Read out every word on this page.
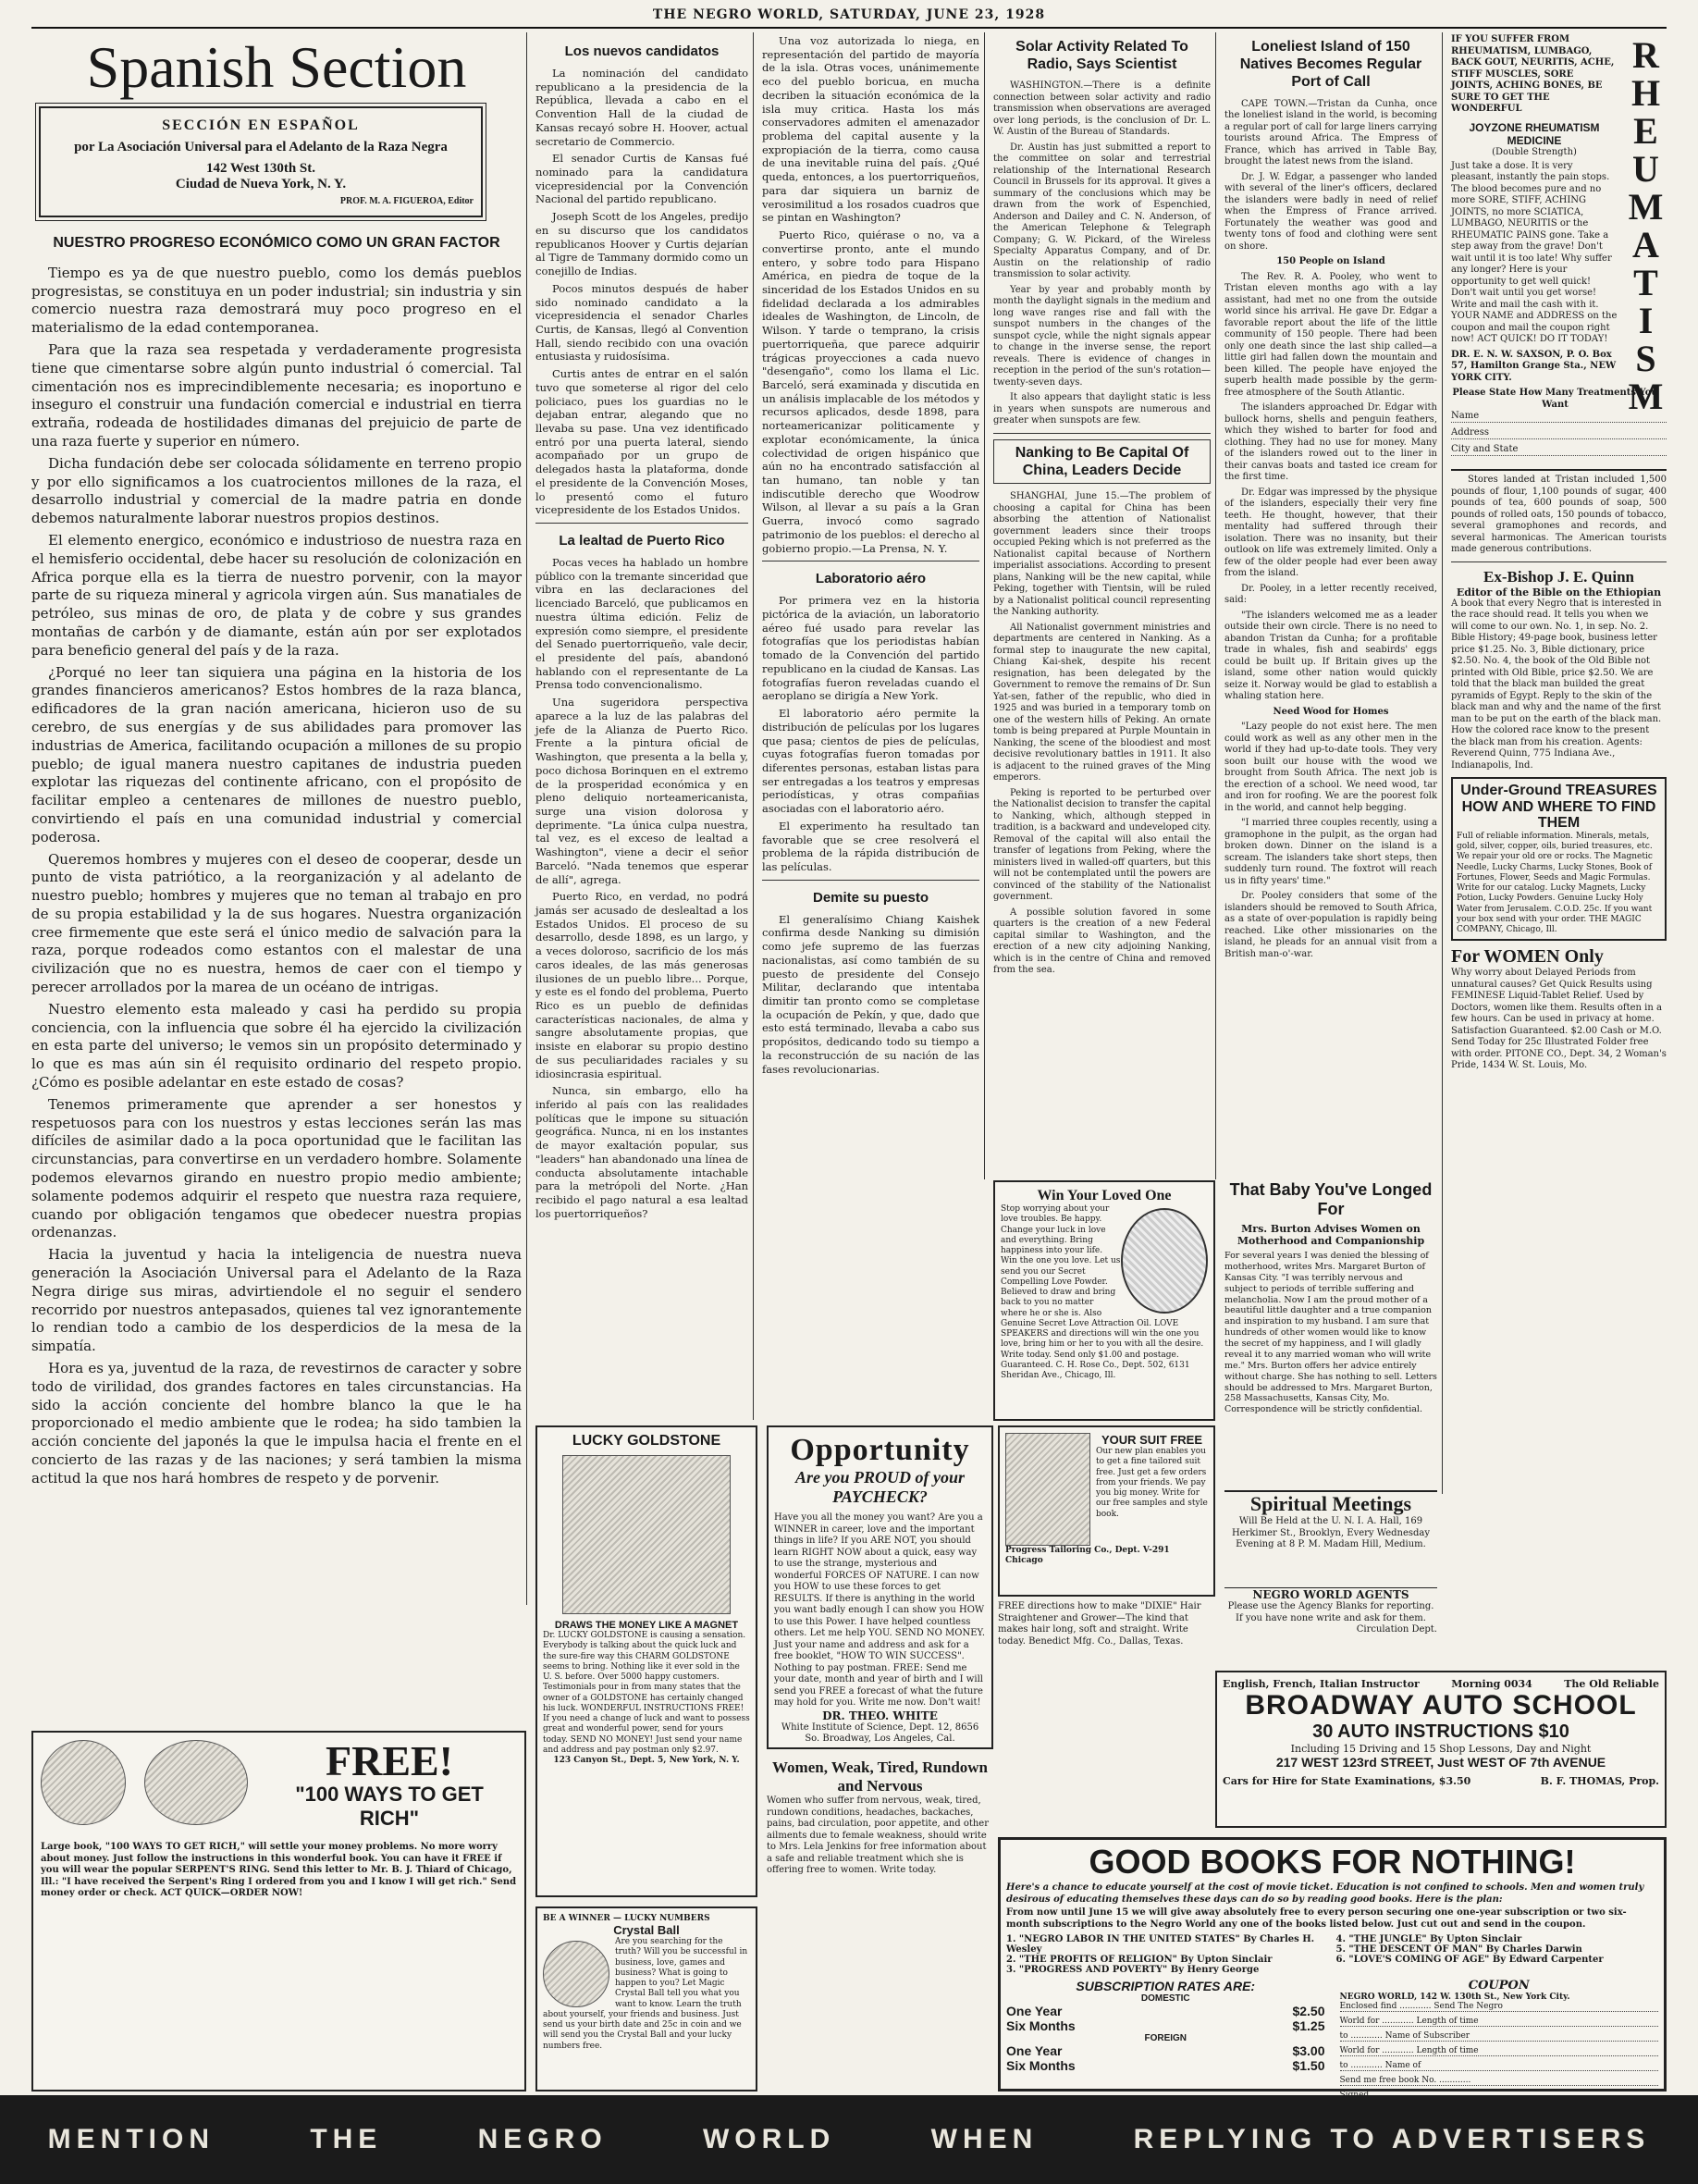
THE NEGRO WORLD, SATURDAY, JUNE 23, 1928
Spanish Section
SECCIÓN EN ESPAÑOL
por La Asociación Universal para el Adelanto de la Raza Negra
142 West 130th St.
Ciudad de Nueva York, N. Y.
PROF. M. A. FIGUEROA, Editor
NUESTRO PROGRESO ECONÓMICO COMO UN GRAN FACTOR

Tiempo es ya de que nuestro pueblo, como los demás pueblos progresistas, se constituya en un poder industrial; sin industria y sin comercio nuestra raza demostrará muy poco progreso en el materialismo de la edad contemporanea.

Para que la raza sea respetada y verdaderamente progresista tiene que cimentarse sobre algún punto industrial ó comercial. Tal cimentación nos es imprecindiblemente necesaria; es inoportuno e inseguro el construir una fundación comercial e industrial en tierra extraña, rodeada de hostilidades dimanas del prejuicio de parte de una raza fuerte y superior en número.

Dicha fundación debe ser colocada sólidamente en terreno propio y por ello significamos a los cuatrocientos millones de la raza, el desarrollo industrial y comercial de la madre patria en donde debemos naturalmente laborar nuestros propios destinos.

El elemento energico, económico e industrioso de nuestra raza en el hemisferio occidental, debe hacer su resolución de colonización en Africa porque ella es la tierra de nuestro porvenir, con la mayor parte de su riqueza mineral y agricola virgen aún. Sus manatiales de petróleo, sus minas de oro, de plata y de cobre y sus grandes montañas de carbón y de diamante, están aún por ser explotados para beneficio general del país y de la raza.

¿Porqué no leer tan siquiera una página en la historia de los grandes financieros americanos? Estos hombres de la raza blanca, edificadores de la gran nación americana, hicieron uso de su cerebro, de sus energías y de sus abilidades para promover las industrias de America, facilitando ocupación a millones de su propio pueblo; de igual manera nuestro capitanes de industria pueden explotar las riquezas del continente africano, con el propósito de facilitar empleo a centenares de millones de nuestro pueblo, convirtiendo el país en una comunidad industrial y comercial poderosa.

Queremos hombres y mujeres con el deseo de cooperar, desde un punto de vista patriótico, a la reorganización y al adelanto de nuestro pueblo; hombres y mujeres que no teman al trabajo en pro de su propia estabilidad y la de sus hogares. Nuestra organización cree firmemente que este será el único medio de salvación para la raza, porque rodeados como estantos con el malestar de una civilización que no es nuestra, hemos de caer con el tiempo y perecer arrollados por la marea de un océano de intrigas.

Nuestro elemento esta maleado y casi ha perdido su propia conciencia, con la influencia que sobre él ha ejercido la civilización en esta parte del universo; le vemos sin un propósito determinado y lo que es mas aún sin él requisito ordinario del respeto propio. ¿Cómo es posible adelantar en este estado de cosas?

Tenemos primeramente que aprender a ser honestos y respetuosos para con los nuestros y estas lecciones serán las mas difíciles de asimilar dado a la poca oportunidad que le facilitan las circunstancias, para convertirse en un verdadero hombre. Solamente podemos elevarnos girando en nuestro propio medio ambiente; solamente podemos adquirir el respeto que nuestra raza requiere, cuando por obligación tengamos que obedecer nuestra propias ordenanzas.

Hacia la juventud y hacia la inteligencia de nuestra nueva generación la Asociación Universal para el Adelanto de la Raza Negra dirige sus miras, advirtiendole el no seguir el sendero recorrido por nuestros antepasados, quienes tal vez ignorantemente lo rendian todo a cambio de los desperdicios de la mesa de la simpatía.

Hora es ya, juventud de la raza, de revestirnos de caracter y sobre todo de virilidad, dos grandes factores en tales circunstancias. Ha sido la acción conciente del hombre blanco la que le ha proporcionado el medio ambiente que le rodea; ha sido tambien la acción conciente del japonés la que le impulsa hacia el frente en el concierto de las razas y de las naciones; y será tambien la misma actitud la que nos hará hombres de respeto y de porvenir.

Los nuevos candidatos

La nominación del candidato republicano a la presidencia de la República, llevada a cabo en el Convention Hall de la ciudad de Kansas recayó sobre H. Hoover, actual secretario de Commercio.

El senador Curtis de Kansas fué nominado para la candidatura vicepresidencial por la Convención Nacional del partido republicano.

Joseph Scott de los Angeles, predijo en su discurso que los candidatos republicanos Hoover y Curtis dejarían al Tigre de Tammany dormido como un conejillo de Indias.

Pocos minutos después de haber sido nominado candidato a la vicepresidencia el senador Charles Curtis, de Kansas, llegó al Convention Hall, siendo recibido con una ovación entusiasta y ruidosísima.

Curtis antes de entrar en el salón tuvo que someterse al rigor del celo policiaco, pues los guardias no le dejaban entrar, alegando que no llevaba su pase. Una vez identificado entró por una puerta lateral, siendo acompañado por un grupo de delegados hasta la plataforma, donde el presidente de la Convención Moses, lo presentó como el futuro vicepresidente de los Estados Unidos.

La lealtad de Puerto Rico

Pocas veces ha hablado un hombre público con la tremante sinceridad que vibra en las declaraciones del licenciado Barceló, que publicamos en nuestra última edición. Feliz de expresión como siempre, el presidente del Senado puertorriqueño, vale decir, el presidente del país, abandonó hablando con el representante de La Prensa todo convencionalismo.

Una sugeridora perspectiva aparece a la luz de las palabras del jefe de la Alianza de Puerto Rico. Frente a la pintura oficial de Washington, que presenta a la bella y, poco dichosa Borinquen en el extremo de la prosperidad económica y en pleno deliquio norteamericanista, surge una vision dolorosa y deprimente. "La única culpa nuestra, tal vez, es el exceso de lealtad a Washington", viene a decir el señor Barceló. "Nada tenemos que esperar de allí", agrega.

Puerto Rico, en verdad, no podrá jamás ser acusado de deslealtad a los Estados Unidos. El proceso de su desarrollo, desde 1898, es un largo, y a veces doloroso, sacrificio de los más caros ideales, de las más generosas ilusiones de un pueblo libre... Porque, y este es el fondo del problema, Puerto Rico es un pueblo de definidas características nacionales, de alma y sangre absolutamente propias, que insiste en elaborar su propio destino de sus peculiaridades raciales y su idiosincrasia espiritual.

Nunca, sin embargo, ello ha inferido al país con las realidades políticas que le impone su situación geográfica. Nunca, ni en los instantes de mayor exaltación popular, sus "leaders" han abandonado una línea de conducta absolutamente intachable para la metrópoli del Norte. ¿Han recibido el pago natural a esa lealtad los puertorriqueños?

Una voz autorizada lo niega, en representación del partido de mayoría de la isla. Otras voces, unánimemente eco del pueblo boricua, en mucha decriben la situación económica de la isla muy critica. Hasta los más conservadores admiten el amenazador problema del capital ausente y la expropiación de la tierra, como causa de una inevitable ruina del país. ¿Qué queda, entonces, a los puertorriqueños, para dar siquiera un barniz de verosimilitud a los rosados cuadros que se pintan en Washington?

Puerto Rico, quiérase o no, va a convertirse pronto, ante el mundo entero, y sobre todo para Hispano América, en piedra de toque de la sinceridad de los Estados Unidos en su fidelidad declarada a los admirables ideales de Washington, de Lincoln, de Wilson. Y tarde o temprano, la crisis puertorriqueña, que parece adquirir trágicas proyecciones a cada nuevo "desengaño", como los llama el Lic. Barceló, será examinada y discutida en un análisis implacable de los métodos y recursos aplicados, desde 1898, para norteamericanizar politicamente y explotar económicamente, la única colectividad de origen hispánico que aún no ha encontrado satisfacción al tan humano, tan noble y tan indiscutible derecho que Woodrow Wilson, al llevar a su país a la Gran Guerra, invocó como sagrado patrimonio de los pueblos: el derecho al gobierno propio.—La Prensa, N. Y.

Laboratorio aéro

Por primera vez en la historia pictórica de la aviación, un laboratorio aéreo fué usado para revelar las fotografías que los periodistas habían tomado de la Convención del partido republicano en la ciudad de Kansas. Las fotografías fueron reveladas cuando el aeroplano se dirigía a New York.

El laboratorio aéro permite la distribución de películas por los lugares que pasa; cientos de pies de películas, cuyas fotografías fueron tomadas por diferentes personas, estaban listas para ser entregadas a los teatros y empresas periodísticas, y otras compañias asociadas con el laboratorio aéro.

El experimento ha resultado tan favorable que se cree resolverá el problema de la rápida distribución de las películas.

Demite su puesto

El generalísimo Chiang Kaishek confirma desde Nanking su dimisión como jefe supremo de las fuerzas nacionalistas, así como también de su puesto de presidente del Consejo Militar, declarando que intentaba dimitir tan pronto como se completase la ocupación de Pekín, y que, dado que esto está terminado, llevaba a cabo sus propósitos, dedicando todo su tiempo a la reconstrucción de su nación de las fases revolucionarias.

Solar Activity Related To Radio, Says Scientist

WASHINGTON.—There is a definite connection between solar activity and radio transmission when observations are averaged over long periods, is the conclusion of Dr. L. W. Austin of the Bureau of Standards.

Dr. Austin has just submitted a report to the committee on solar and terrestrial relationship of the International Research Council in Brussels for its approval. It gives a summary of the conclusions which may be drawn from the work of Espenchied, Anderson and Dailey and C. N. Anderson, of the American Telephone & Telegraph Company; G. W. Pickard, of the Wireless Specialty Apparatus Company, and of Dr. Austin on the relationship of radio transmission to solar activity.

Year by year and probably month by month the daylight signals in the medium and long wave ranges rise and fall with the sunspot numbers in the changes of the sunspot cycle, while the night signals appear to change in the inverse sense, the report reveals. There is evidence of changes in reception in the period of the sun's rotation—twenty-seven days.

It also appears that daylight static is less in years when sunspots are numerous and greater when sunspots are few.

Nanking to Be Capital Of China, Leaders Decide

SHANGHAI, June 15.—The problem of choosing a capital for China has been absorbing the attention of Nationalist government leaders since their troops occupied Peking which is not preferred as the Nationalist capital because of Northern imperialist associations. According to present plans, Nanking will be the new capital, while Peking, together with Tientsin, will be ruled by a Nationalist political council representing the Nanking authority.

All Nationalist government ministries and departments are centered in Nanking. As a formal step to inaugurate the new capital, Chiang Kai-shek, despite his recent resignation, has been delegated by the Government to remove the remains of Dr. Sun Yat-sen, father of the republic, who died in 1925 and was buried in a temporary tomb on one of the western hills of Peking. An ornate tomb is being prepared at Purple Mountain in Nanking, the scene of the bloodiest and most decisive revolutionary battles in 1911. It also is adjacent to the ruined graves of the Ming emperors.

Peking is reported to be perturbed over the Nationalist decision to transfer the capital to Nanking, which, although stepped in tradition, is a backward and undeveloped city. Removal of the capital will also entail the transfer of legations from Peking, where the ministers lived in walled-off quarters, but this will not be contemplated until the powers are convinced of the stability of the Nationalist government.

A possible solution favored in some quarters is the creation of a new Federal capital similar to Washington, and the erection of a new city adjoining Nanking, which is in the centre of China and removed from the sea.

Loneliest Island of 150 Natives Becomes Regular Port of Call

CAPE TOWN.—Tristan da Cunha, once the loneliest island in the world, is becoming a regular port of call for large liners carrying tourists around Africa. The Empress of France, which has arrived in Table Bay, brought the latest news from the island.

Dr. J. W. Edgar, a passenger who landed with several of the liner's officers, declared the islanders were badly in need of relief when the Empress of France arrived. Fortunately the weather was good and twenty tons of food and clothing were sent on shore.

150 People on Island

The Rev. R. A. Pooley, who went to Tristan eleven months ago with a lay assistant, had met no one from the outside world since his arrival. He gave Dr. Edgar a favorable report about the life of the little community of 150 people. There had been only one death since the last ship called—a little girl had fallen down the mountain and been killed. The people have enjoyed the superb health made possible by the germ-free atmosphere of the South Atlantic.

The islanders approached Dr. Edgar with bullock horns, shells and penguin feathers, which they wished to barter for food and clothing. They had no use for money. Many of the islanders rowed out to the liner in their canvas boats and tasted ice cream for the first time.

Dr. Edgar was impressed by the physique of the islanders, especially their very fine teeth. He thought, however, that their mentality had suffered through their isolation. There was no insanity, but their outlook on life was extremely limited. Only a few of the older people had ever been away from the island.

Dr. Pooley, in a letter recently received, said:

"The islanders welcomed me as a leader outside their own circle. There is no need to abandon Tristan da Cunha; for a profitable trade in whales, fish and seabirds' eggs could be built up. If Britain gives up the island, some other nation would quickly seize it. Norway would be glad to establish a whaling station here.

Need Wood for Homes

"Lazy people do not exist here. The men could work as well as any other men in the world if they had up-to-date tools. They very soon built our house with the wood we brought from South Africa. The next job is the erection of a school. We need wood, tar and iron for roofing. We are the poorest folk in the world, and cannot help begging.

"I married three couples recently, using a gramophone in the pulpit, as the organ had broken down. Dinner on the island is a scream. The islanders take short steps, then suddenly turn round. The foxtrot will reach us in fifty years' time."

Dr. Pooley considers that some of the islanders should be removed to South Africa, as a state of over-population is rapidly being reached. Like other missionaries on the island, he pleads for an annual visit from a British man-o'-war.

RHEUMATISM
IF YOU SUFFER FROM RHEUMATISM, LUMBAGO, BACK GOUT, NEURITIS, ACHE, STIFF MUSCLES, SORE JOINTS, ACHING BONES, BE SURE TO GET THE WONDERFUL
JOYZONE RHEUMATISM MEDICINE
(Double Strength)
Just take a dose. It is very pleasant, instantly the pain stops. The blood becomes pure and no more SORE, STIFF, ACHING JOINTS, no more SCIATICA, LUMBAGO, NEURITIS or the RHEUMATIC PAINS gone. Take a step away from the grave! Don't wait until it is too late! Why suffer any longer? Here is your opportunity to get well quick! Don't wait until you get worse! Write and mail the cash with it. YOUR NAME and ADDRESS on the coupon and mail the coupon right now! ACT QUICK! DO IT TODAY!
DR. E. N. W. SAXSON, P. O. Box 57, Hamilton Grange Sta., NEW YORK CITY.
Please State How Many Treatments You Want
Name
Address
City and State

Stores landed at Tristan included 1,500 pounds of flour, 1,100 pounds of sugar, 400 pounds of tea, 600 pounds of soap, 500 pounds of rolled oats, 150 pounds of tobacco, several gramophones and records, and several harmonicas. The American tourists made generous contributions.

Ex-Bishop J. E. Quinn
Editor of the Bible on the Ethiopian
A book that every Negro that is interested in the race should read. It tells you when we will come to our own. No. 1, in sep. No. 2. Bible History; 49-page book, business letter price $1.25. No. 3, Bible dictionary, price $2.50. No. 4, the book of the Old Bible not printed with Old Bible, price $2.50. We are told that the black man builded the great pyramids of Egypt. Reply to the skin of the black man and why and the name of the first man to be put on the earth of the black man. How the colored race know to the present the black man from his creation. Agents: Reverend Quinn, 775 Indiana Ave., Indianapolis, Ind.
Under-Ground TREASURES HOW AND WHERE TO FIND THEM
Full of reliable information. Minerals, metals, gold, silver, copper, oils, buried treasures, etc. We repair your old ore or rocks. The Magnetic Needle, Lucky Charms, Lucky Stones, Book of Fortunes, Flower, Seeds and Magic Formulas. Write for our catalog. Lucky Magnets, Lucky Potion, Lucky Powders. Genuine Lucky Holy Water from Jerusalem. C.O.D. 25c. If you want your box send with your order. THE MAGIC COMPANY, Chicago, Ill.
For WOMEN Only
Why worry about Delayed Periods from unnatural causes? Get Quick Results using FEMINESE Liquid-Tablet Relief. Used by Doctors, women like them. Results often in a few hours. Can be used in privacy at home. Satisfaction Guaranteed. $2.00 Cash or M.O. Send Today for 25c Illustrated Folder free with order. PITONE CO., Dept. 34, 2 Woman's Pride, 1434 W. St. Louis, Mo.
LUCKY GOLDSTONE
DRAWS THE MONEY LIKE A MAGNET
Dr. LUCKY GOLDSTONE is causing a sensation. Everybody is talking about the quick luck and the sure-fire way this CHARM GOLDSTONE seems to bring. Nothing like it ever sold in the U. S. before. Over 5000 happy customers. Testimonials pour in from many states that the owner of a GOLDSTONE has certainly changed his luck. WONDERFUL INSTRUCTIONS FREE! If you need a change of luck and want to possess great and wonderful power, send for yours today. SEND NO MONEY! Just send your name and address and pay postman only $2.97.
123 Canyon St., Dept. 5, New York, N. Y.
Opportunity
Are you PROUD of your PAYCHECK?
Have you all the money you want? Are you a WINNER in career, love and the important things in life? If you ARE NOT, you should learn RIGHT NOW about a quick, easy way to use the strange, mysterious and wonderful FORCES OF NATURE. I can now you HOW to use these forces to get RESULTS. If there is anything in the world you want badly enough I can show you HOW to use this Power. I have helped countless others. Let me help YOU. SEND NO MONEY. Just your name and address and ask for a free booklet, "HOW TO WIN SUCCESS". Nothing to pay postman. FREE: Send me your date, month and year of birth and I will send you FREE a forecast of what the future may hold for you. Write me now. Don't wait!
DR. THEO. WHITE
White Institute of Science, Dept. 12, 8656 So. Broadway, Los Angeles, Cal.
YOUR SUIT FREE
Our new plan enables you to get a fine tailored suit free. Just get a few orders from your friends. We pay you big money. Write for our free samples and style book.
Progress Tailoring Co., Dept. V-291 Chicago
FREE directions how to make "DIXIE" Hair Straightener and Grower—The kind that makes hair long, soft and straight. Write today. Benedict Mfg. Co., Dallas, Texas.
Win Your Loved One
Stop worrying about your love troubles. Be happy. Change your luck in love and everything. Bring happiness into your life. Win the one you love. Let us send you our Secret Compelling Love Powder. Believed to draw and bring back to you no matter where he or she is. Also Genuine Secret Love Attraction Oil. LOVE SPEAKERS and directions will win the one you love, bring him or her to you with all the desire. Write today. Send only $1.00 and postage. Guaranteed. C. H. Rose Co., Dept. 502, 6131 Sheridan Ave., Chicago, Ill.
That Baby You've Longed For
Mrs. Burton Advises Women on Motherhood and Companionship
For several years I was denied the blessing of motherhood, writes Mrs. Margaret Burton of Kansas City. "I was terribly nervous and subject to periods of terrible suffering and melancholia. Now I am the proud mother of a beautiful little daughter and a true companion and inspiration to my husband. I am sure that hundreds of other women would like to know the secret of my happiness, and I will gladly reveal it to any married woman who will write me." Mrs. Burton offers her advice entirely without charge. She has nothing to sell. Letters should be addressed to Mrs. Margaret Burton, 258 Massachusetts, Kansas City, Mo. Correspondence will be strictly confidential.
Spiritual Meetings
Will Be Held at the U. N. I. A. Hall, 169 Herkimer St., Brooklyn, Every Wednesday Evening at 8 P. M. Madam Hill, Medium.
NEGRO WORLD AGENTS
Please use the Agency Blanks for reporting. If you have none write and ask for them.
Circulation Dept.
English, French, Italian Instructor	Morning 0034	The Old Reliable
BROADWAY AUTO SCHOOL
30 AUTO INSTRUCTIONS $10
Including 15 Driving and 15 Shop Lessons, Day and Night
217 WEST 123rd STREET, Just WEST OF 7th AVENUE
Cars for Hire for State Examinations, $3.50	B. F. THOMAS, Prop.
GOOD BOOKS FOR NOTHING!
Here's a chance to educate yourself at the cost of movie ticket. Education is not confined to schools. Men and women truly desirous of educating themselves these days can do so by reading good books. Here is the plan:
From now until June 15 we will give away absolutely free to every person securing one one-year subscription or two six-month subscriptions to the Negro World any one of the books listed below. Just cut out and send in the coupon.
1. "NEGRO LABOR IN THE UNITED STATES" By Charles H. Wesley
2. "THE PROFITS OF RELIGION" By Upton Sinclair
3. "PROGRESS AND POVERTY" By Henry George
4. "THE JUNGLE" By Upton Sinclair
5. "THE DESCENT OF MAN" By Charles Darwin
6. "LOVE'S COMING OF AGE" By Edward Carpenter
SUBSCRIPTION RATES ARE:
DOMESTIC
One Year	$2.50
Six Months	$1.25
FOREIGN
One Year	$3.00
Six Months	$1.50
COUPON
NEGRO WORLD, 142 W. 130th St., New York City.
Enclosed find ............ Send The Negro
World for ............ Length of time
to ............ Name of Subscriber
World for ............ Length of time
to ............ Name of
Send me free book No. ............
FREE!
"100 WAYS TO GET RICH"
Large book, "100 WAYS TO GET RICH," will settle your money problems. No more worry about money. Just follow the instructions in this wonderful book. You can have it FREE if you will wear the popular SERPENT'S RING. Send this letter to Mr. B. J. Thiard of Chicago, Ill.: "I have received the Serpent's Ring I ordered from you and I know I will get rich." Send money order or check. ACT QUICK—ORDER NOW!
BE A WINNER — LUCKY NUMBERS
Crystal Ball
Are you searching for the truth? Will you be successful in business, love, games and business? What is going to happen to you? Let Magic Crystal Ball tell you what you want to know. Learn the truth about yourself, your friends and business. Just send us your birth date and 25c in coin and we will send you the Crystal Ball and your lucky numbers free.
Women, Weak, Tired, Rundown and Nervous
Women who suffer from nervous, weak, tired, rundown conditions, headaches, backaches, pains, bad circulation, poor appetite, and other ailments due to female weakness, should write to Mrs. Lela Jenkins for free information about a safe and reliable treatment which she is offering free to women. Write today.
MENTION	THE	NEGRO	WORLD	WHEN	REPLYING TO ADVERTISERS
